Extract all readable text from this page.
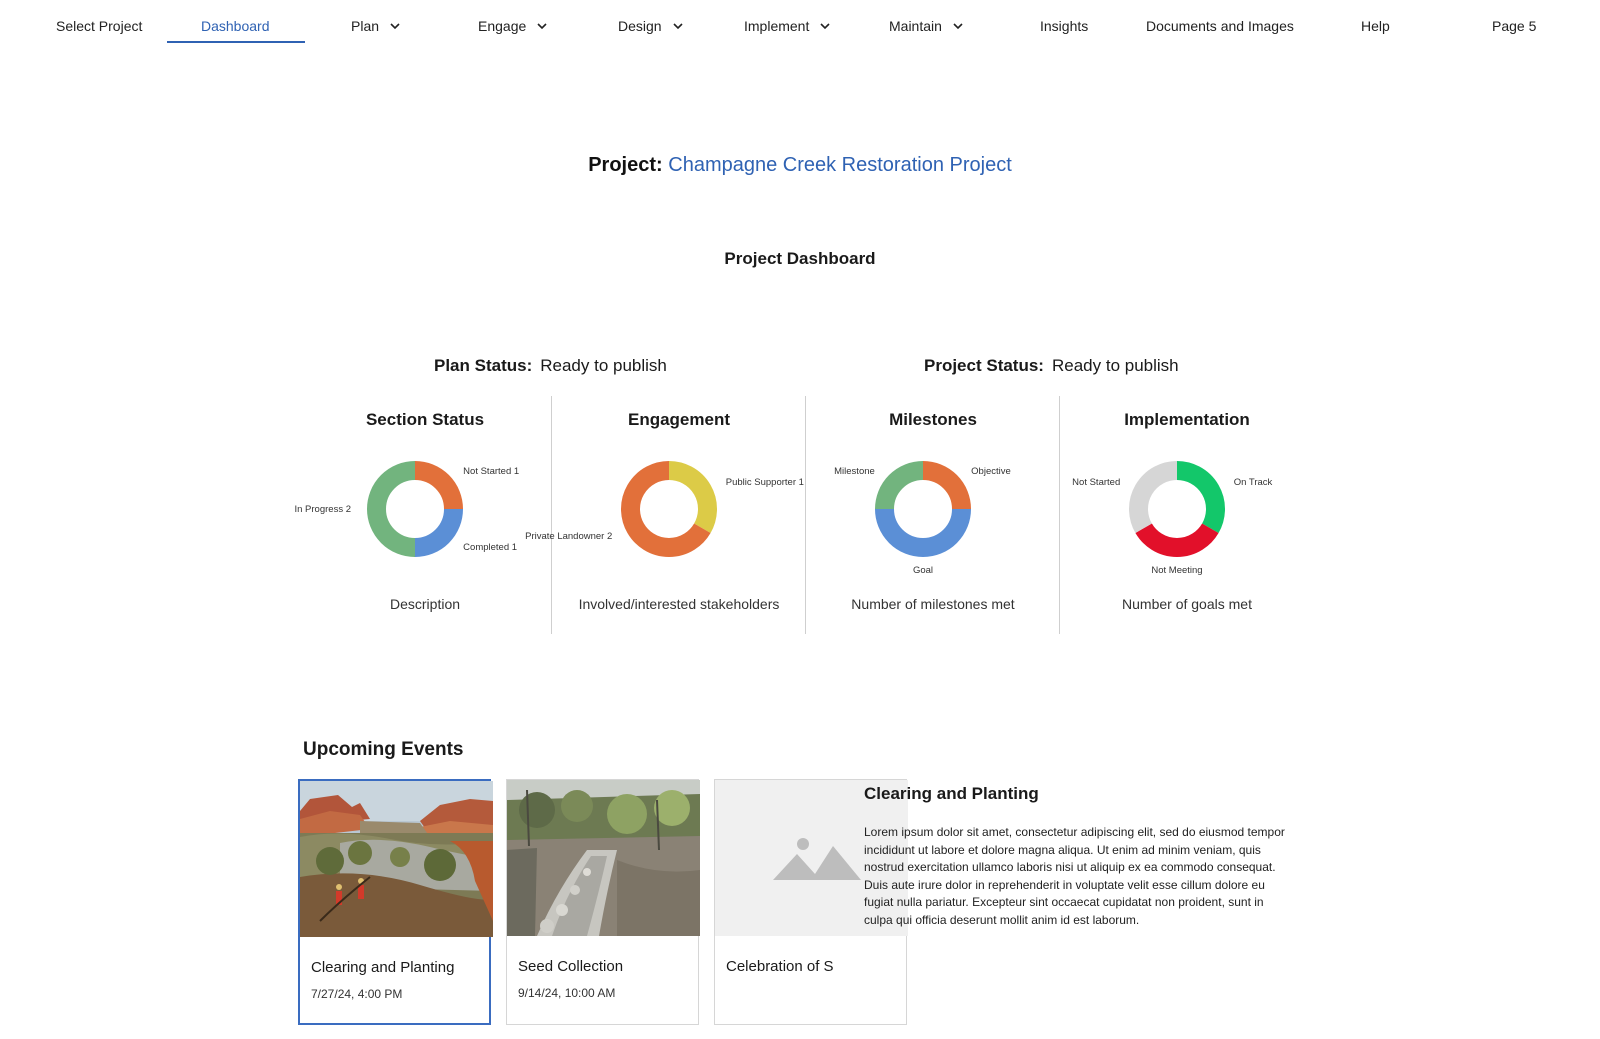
Select Project	Dashboard	Plan	Engage	Design	Implement	Maintain	Insights	Documents and Images	Help	Page 5
Project: Champagne Creek Restoration Project
Project Dashboard
Plan Status: Ready to publish	Project Status: Ready to publish
Section Status
Not Started 1
Completed 1
In Progress 2
Description
Engagement
Public Supporter 1
Private Landowner 2
Involved/interested stakeholders
Milestones
Objective
Goal
Milestone
Number of milestones met
Implementation
On Track
Not Meeting
Not Started
Number of goals met
Upcoming Events
Clearing and Planting
7/27/24, 4:00 PM
Seed Collection
9/14/24, 10:00 AM
Celebration of S
Clearing and Planting
Lorem ipsum dolor sit amet, consectetur adipiscing elit, sed do eiusmod tempor incididunt ut labore et dolore magna aliqua. Ut enim ad minim veniam, quis nostrud exercitation ullamco laboris nisi ut aliquip ex ea commodo consequat. Duis aute irure dolor in reprehenderit in voluptate velit esse cillum dolore eu fugiat nulla pariatur. Excepteur sint occaecat cupidatat non proident, sunt in culpa qui officia deserunt mollit anim id est laborum.
